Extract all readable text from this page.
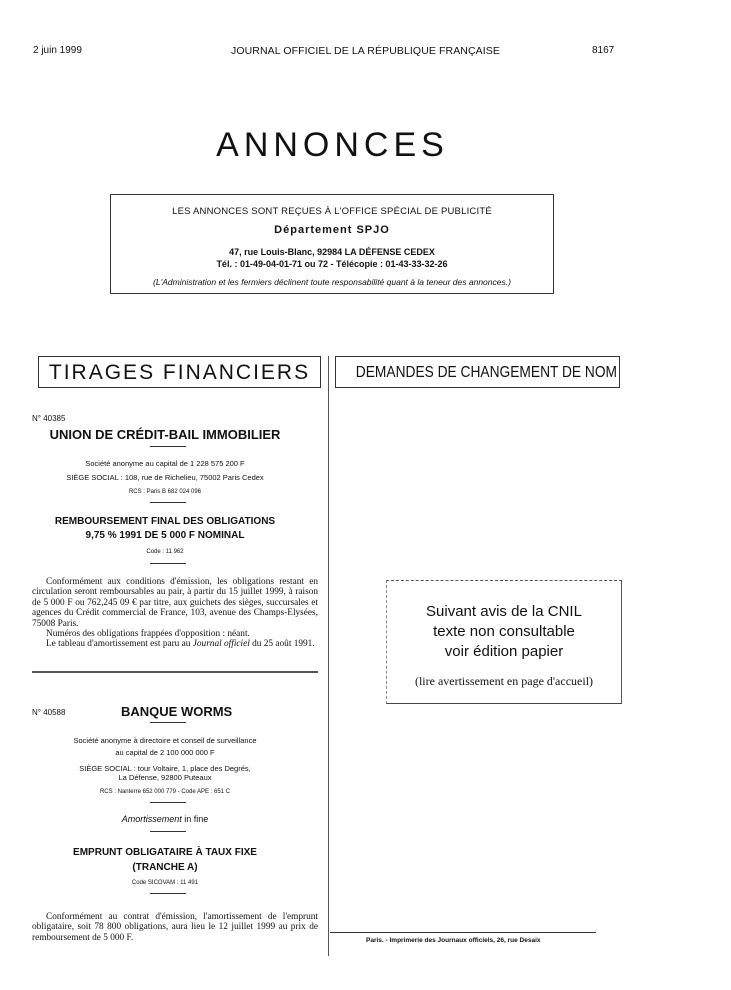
2 juin 1999	JOURNAL OFFICIEL DE LA RÉPUBLIQUE FRANÇAISE	8167
ANNONCES
LES ANNONCES SONT REÇUES À L'OFFICE SPÉCIAL DE PUBLICITÉ
Département SPJO
47, rue Louis-Blanc, 92984 LA DÉFENSE CEDEX
Tél. : 01-49-04-01-71 ou 72 - Télécopie : 01-43-33-32-26
(L'Administration et les fermiers déclinent toute responsabilité quant à la teneur des annonces.)
TIRAGES FINANCIERS	DEMANDES DE CHANGEMENT DE NOM
N° 40385
UNION DE CRÉDIT-BAIL IMMOBILIER
Société anonyme au capital de 1 228 575 200 F
SIÈGE SOCIAL : 108, rue de Richelieu, 75002 Paris Cedex
RCS : Paris B 682 024 096
REMBOURSEMENT FINAL DES OBLIGATIONS
9,75 % 1991 DE 5 000 F NOMINAL
Code : 11 962

Conformément aux conditions d'émission, les obligations restant en circulation seront remboursables au pair, à partir du 15 juillet 1999, à raison de 5 000 F ou 762,245 09 € par titre, aux guichets des sièges, succursales et agences du Crédit commercial de France, 103, avenue des Champs-Elysées, 75008 Paris.

Numéros des obligations frappées d'opposition : néant.

Le tableau d'amortissement est paru au Journal officiel du 25 août 1991.

N° 40588	BANQUE WORMS
Société anonyme à directoire et conseil de surveillance
au capital de 2 100 000 000 F
SIÈGE SOCIAL : tour Voltaire, 1, place des Degrés,
La Défense, 92800 Puteaux
RCS : Nanterre 652 000 779 - Code APE : 651 C
Amortissement in fine
EMPRUNT OBLIGATAIRE À TAUX FIXE
(TRANCHE A)
Code SICOVAM : 11 491

Conformément au contrat d'émission, l'amortissement de l'emprunt obligataire, soit 78 800 obligations, aura lieu le 12 juillet 1999 au prix de remboursement de 5 000 F.

Suivant avis de la CNIL
texte non consultable
voir édition papier
(lire avertissement en page d'accueil)
Paris. - Imprimerie des Journaux officiels, 26, rue Desaix
